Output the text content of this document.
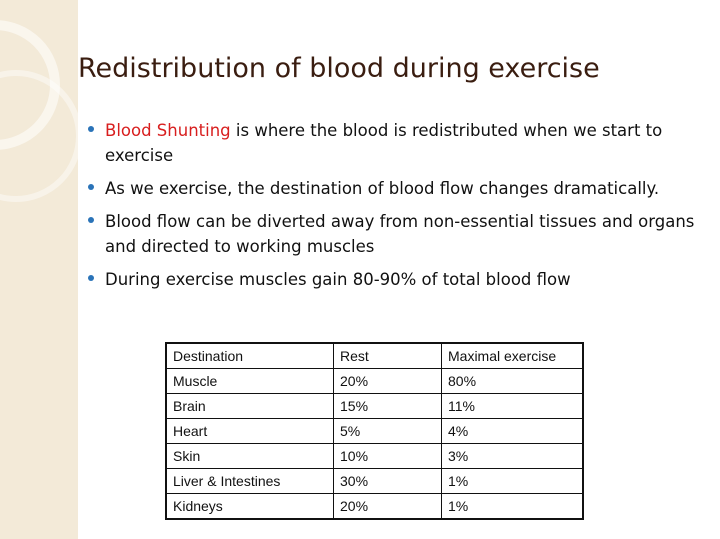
Redistribution of blood during exercise
Blood Shunting is where the blood is redistributed when we start to exercise
As we exercise, the destination of blood flow changes dramatically.
Blood flow can be diverted away from non-essential tissues and organs and directed to working muscles
During exercise muscles gain 80-90% of total blood flow
Destination	Rest	Maximal exercise
Muscle	20%	80%
Brain	15%	11%
Heart	5%	4%
Skin	10%	3%
Liver & Intestines	30%	1%
Kidneys	20%	1%
